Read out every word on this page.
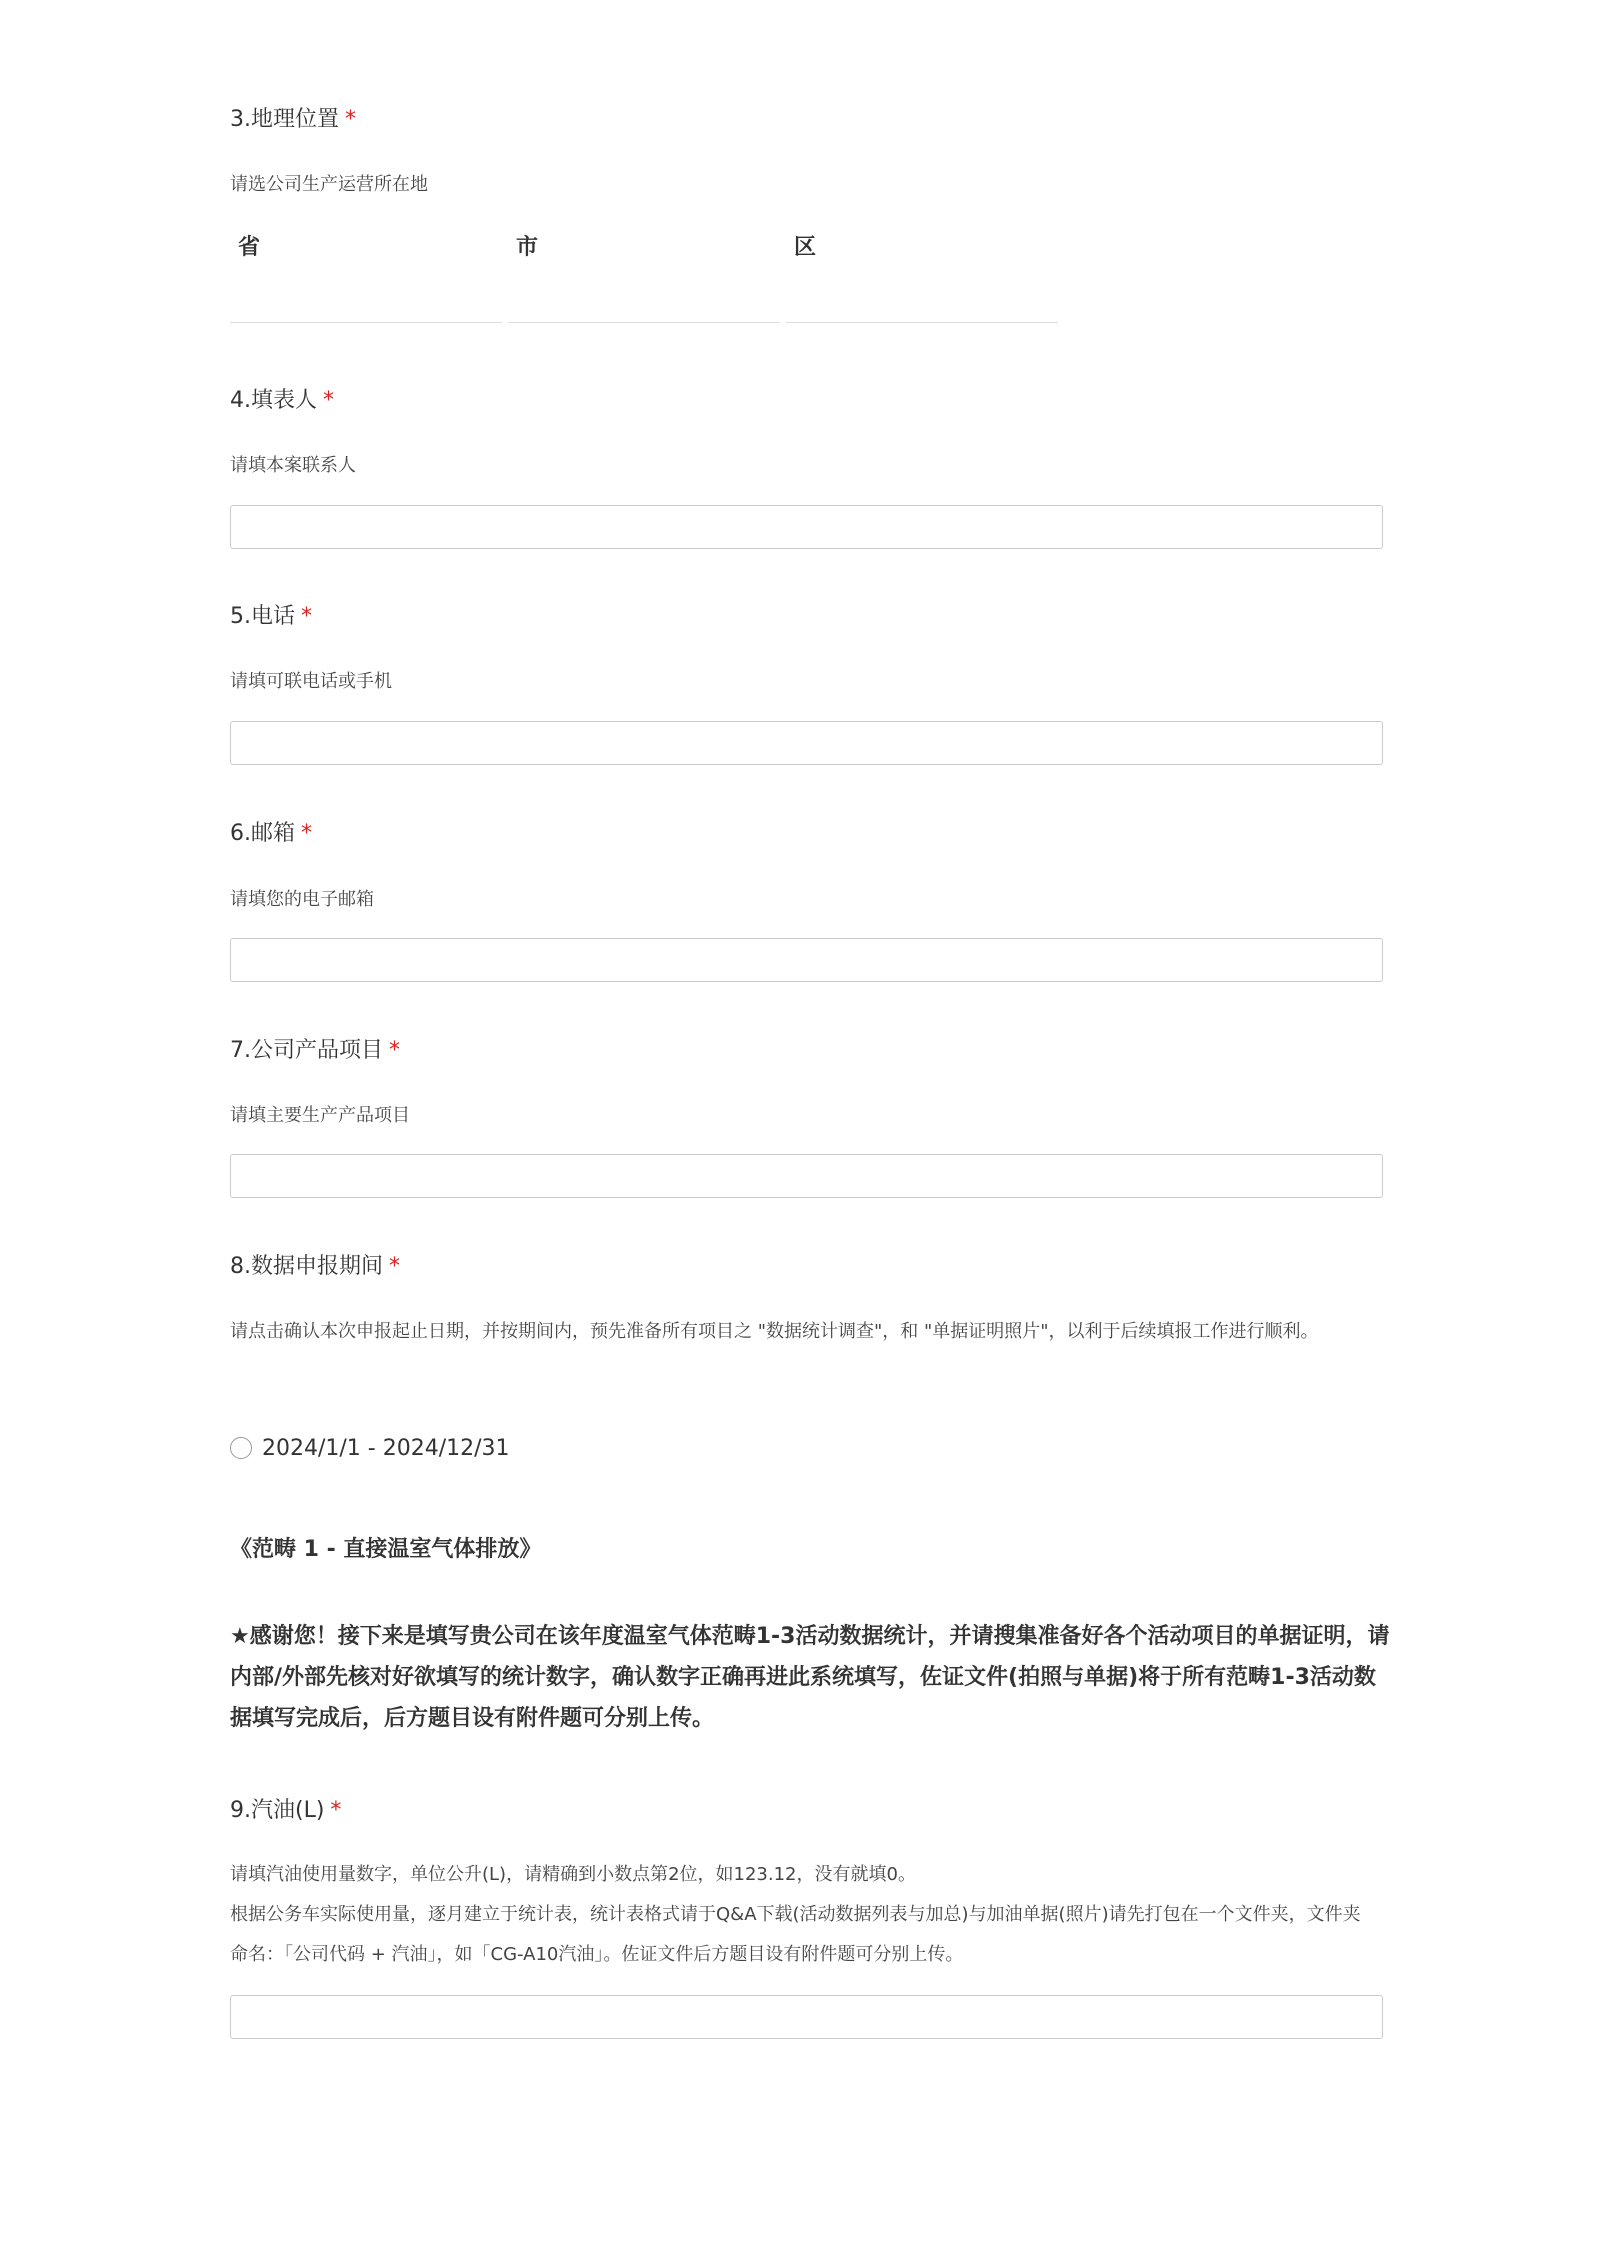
3.地理位置 *
请选公司生产运营所在地
省	市	区
4.填表人 *
请填本案联系人
5.电话 *
请填可联电话或手机
6.邮箱 *
请填您的电子邮箱
7.公司产品项目 *
请填主要生产产品项目
8.数据申报期间 *
请点击确认本次申报起止日期，并按期间内，预先准备所有项目之 "数据统计调查"，和 "单据证明照片"，以利于后续填报工作进行顺利。
2024/1/1 - 2024/12/31
《范畴 1 - 直接温室气体排放》
★感谢您！接下来是填写贵公司在该年度温室气体范畴1-3活动数据统计，并请搜集准备好各个活动项目的单据证明，请内部/外部先核对好欲填写的统计数字，确认数字正确再进此系统填写，佐证文件(拍照与单据)将于所有范畴1-3活动数据填写完成后，后方题目设有附件题可分别上传。
9.汽油(L) *
请填汽油使用量数字，单位公升(L)，请精确到小数点第2位，如123.12，没有就填0。
根据公务车实际使用量，逐月建立于统计表，统计表格式请于Q&A下载(活动数据列表与加总)与加油单据(照片)请先打包在一个文件夹，文件夹命名：「公司代码 + 汽油」，如「CG-A10汽油」。佐证文件后方题目设有附件题可分别上传。
